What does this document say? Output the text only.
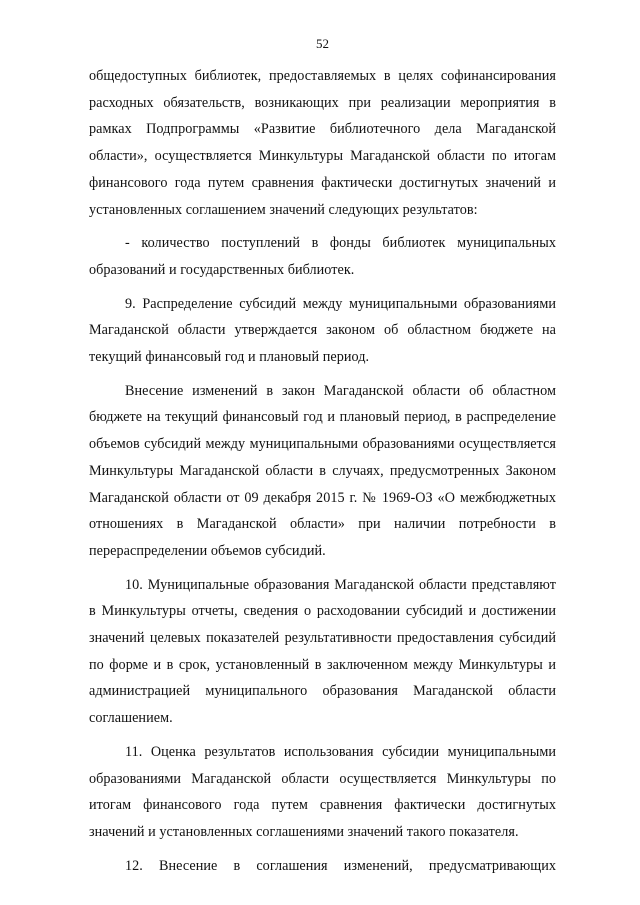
52

общедоступных библиотек, предоставляемых в целях софинансирования расходных обязательств, возникающих при реализации мероприятия в рамках Подпрограммы «Развитие библиотечного дела Магаданской области», осуществляется Минкультуры Магаданской области по итогам финансового года путем сравнения фактически достигнутых значений и установленных соглашением значений следующих результатов:

- количество поступлений в фонды библиотек муниципальных образований и государственных библиотек.

9. Распределение субсидий между муниципальными образованиями Магаданской области утверждается законом об областном бюджете на текущий финансовый год и плановый период.

Внесение изменений в закон Магаданской области об областном бюджете на текущий финансовый год и плановый период, в распределение объемов субсидий между муниципальными образованиями осуществляется Минкультуры Магаданской области в случаях, предусмотренных Законом Магаданской области от 09 декабря 2015 г. № 1969-ОЗ «О межбюджетных отношениях в Магаданской области» при наличии потребности в перераспределении объемов субсидий.

10. Муниципальные образования Магаданской области представляют в Минкультуры отчеты, сведения о расходовании субсидий и достижении значений целевых показателей результативности предоставления субсидий по форме и в срок, установленный в заключенном между Минкультуры и администрацией муниципального образования Магаданской области соглашением.

11. Оценка результатов использования субсидии муниципальными образованиями Магаданской области осуществляется Минкультуры по итогам финансового года путем сравнения фактически достигнутых значений и установленных соглашениями значений такого показателя.

12. Внесение в соглашения изменений, предусматривающих
